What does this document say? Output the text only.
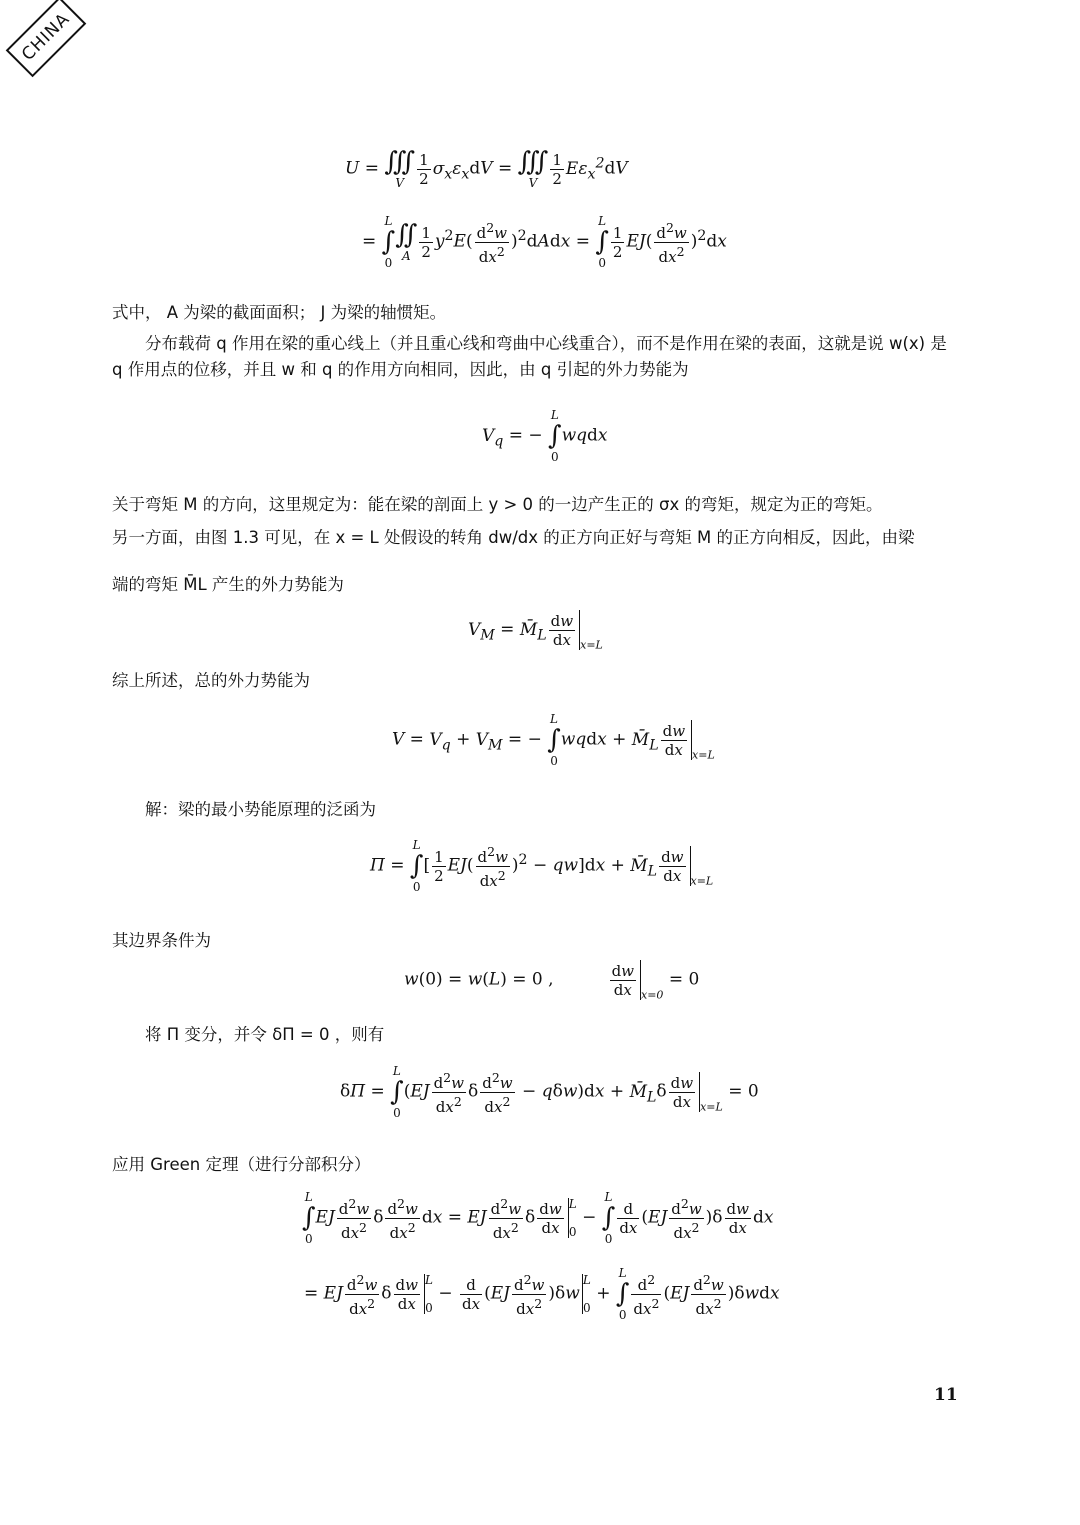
CHINA
U = ∭
V $\frac{1}{2} \sigma_x\varepsilon_xdV$ = ∭
V $\frac{1}{2} E\varepsilon_x^2dV$
= L
∫
0
∬
A $\frac{1}{2} y^2E( \frac{d^2w}{dx^2}$ )$^2dAdx = L$
∫
0
$\frac{1}{2} EJ( \frac{d^2w}{dx^2} )^2dx$
式中， A 为梁的截面面积； J 为梁的轴惯矩。
分布载荷 q 作用在梁的重心线上（并且重心线和弯曲中心线重合），而不是作用在梁的表面，这就是说 w(x) 是 q 作用点的位移，并且 w 和 q 的作用方向相同，因此，由 q 引起的外力势能为
$V_q$ = − L
∫
0wqdx
关于弯矩 M 的方向，这里规定为：能在梁的剖面上 y > 0 的一边产生正的 σx 的弯矩，规定为正的弯矩。
另一方面，由图 1.3 可见，在 x = L 处假设的转角 dw/dx 的正方向正好与弯矩 M 的正方向相反，因此，由梁
端的弯矩 M̄L 产生的外力势能为
$V_M$ = $M̄_L \frac{dw}{dx} _{x=L}$
综上所述，总的外力势能为
$V = V_q + V_M$ = − L
∫
0wqdx + $M̄_L \frac{dw}{dx} _{x=L}$
解：梁的最小势能原理的泛函为
Π = L
∫
$0[ \frac{1}{2} EJ( \frac{d^2w}{dx^2} )^2 - qw]dx$ + $M̄_L \frac{dw}{dx} _{x=L}$
其边界条件为
w(0) = w(L) = 0 , $\frac{dw}{dx} _{x=0} = 0$
将 Π 变分，并令 δΠ = 0 ，则有
δΠ = L
∫
$0(EJ \frac{d^2w}{dx^2}$ δ $\frac{d^2w}{dx^2} - q\delta w)dx$ + $M̄_L\delta \frac{dw}{dx} _{x=L} = 0$
应用 Green 定理（进行分部积分）
L
∫
$0EJ \frac{d^2w}{dx^2}$ δ $\frac{d^2w}{dx^2}$ dx = EJ $\frac{d^2w}{dx^2}$ δ $\frac{dw}{dx}$ L

0 − L
∫
0
$\frac{d}{dx} (EJ \frac{d^2w}{dx^2} )\delta \frac{dw}{dx}$ dx
= EJ $\frac{d^2w}{dx^2}$ δ $\frac{dw}{dx}$ L

$0 - \frac{d}{dx} (EJ \frac{d^2w}{dx^2} )\delta wL$

0 + L
∫
$0 \frac{d^2}{dx^2} (EJ \frac{d^2w}{dx^2} )\delta wdx$
11
